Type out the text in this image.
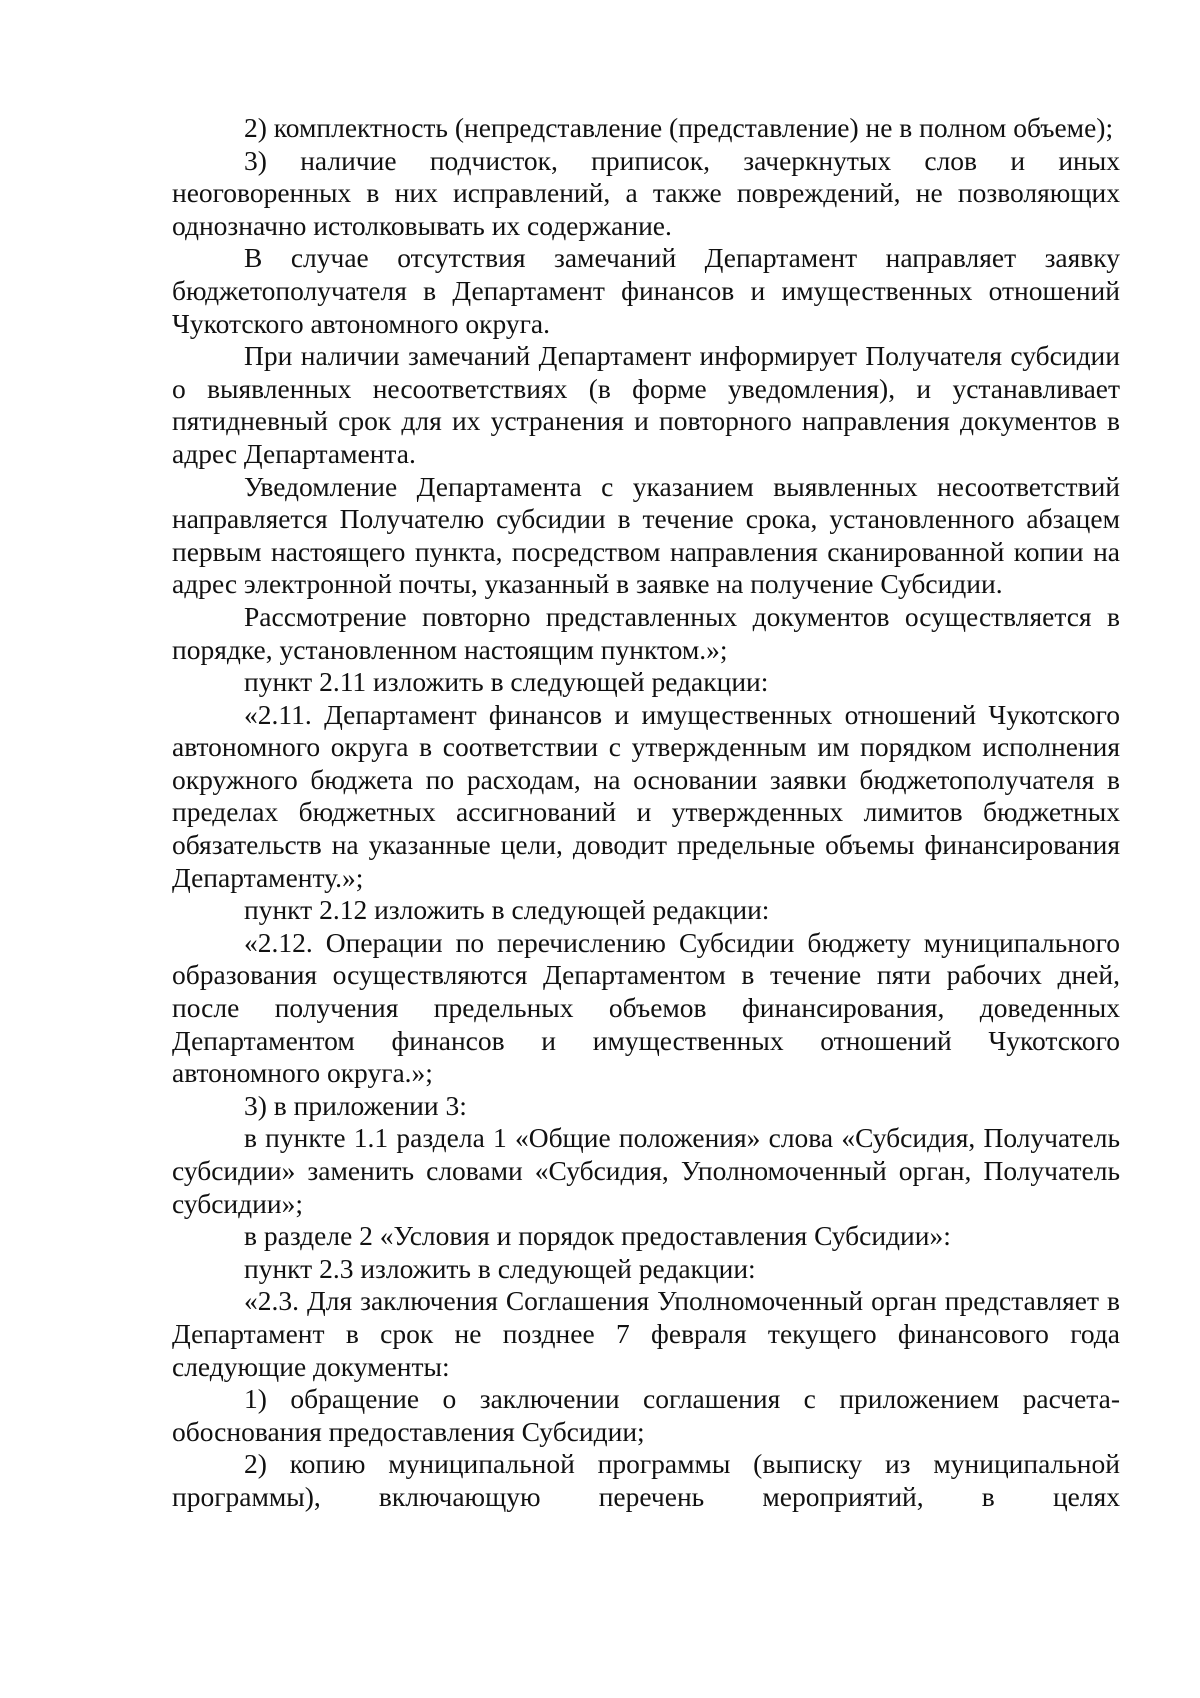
2) комплектность (непредставление (представление) не в полном объеме);

3) наличие подчисток, приписок, зачеркнутых слов и иных неоговоренных в них исправлений, а также повреждений, не позволяющих однозначно истолковывать их содержание.

В случае отсутствия замечаний Департамент направляет заявку бюджетополучателя в Департамент финансов и имущественных отношений Чукотского автономного округа.

При наличии замечаний Департамент информирует Получателя субсидии о выявленных несоответствиях (в форме уведомления), и устанавливает пятидневный срок для их устранения и повторного направления документов в адрес Департамента.

Уведомление Департамента с указанием выявленных несоответствий направляется Получателю субсидии в течение срока, установленного абзацем первым настоящего пункта, посредством направления сканированной копии на адрес электронной почты, указанный в заявке на получение Субсидии.

Рассмотрение повторно представленных документов осуществляется в порядке, установленном настоящим пунктом.»;

пункт 2.11 изложить в следующей редакции:

«2.11. Департамент финансов и имущественных отношений Чукотского автономного округа в соответствии с утвержденным им порядком исполнения окружного бюджета по расходам, на основании заявки бюджетополучателя в пределах бюджетных ассигнований и утвержденных лимитов бюджетных обязательств на указанные цели, доводит предельные объемы финансирования Департаменту.»;

пункт 2.12 изложить в следующей редакции:

«2.12. Операции по перечислению Субсидии бюджету муниципального образования осуществляются Департаментом в течение пяти рабочих дней, после получения предельных объемов финансирования, доведенных Департаментом финансов и имущественных отношений Чукотского автономного округа.»;

3) в приложении 3:

в пункте 1.1 раздела 1 «Общие положения» слова «Субсидия, Получатель субсидии» заменить словами «Субсидия, Уполномоченный орган, Получатель субсидии»;

в разделе 2 «Условия и порядок предоставления Субсидии»:

пункт 2.3 изложить в следующей редакции:

«2.3. Для заключения Соглашения Уполномоченный орган представляет в Департамент в срок не позднее 7 февраля текущего финансового года следующие документы:

1) обращение о заключении соглашения с приложением расчета-обоснования предоставления Субсидии;

2) копию муниципальной программы (выписку из муниципальной программы), включающую перечень мероприятий, в целях
